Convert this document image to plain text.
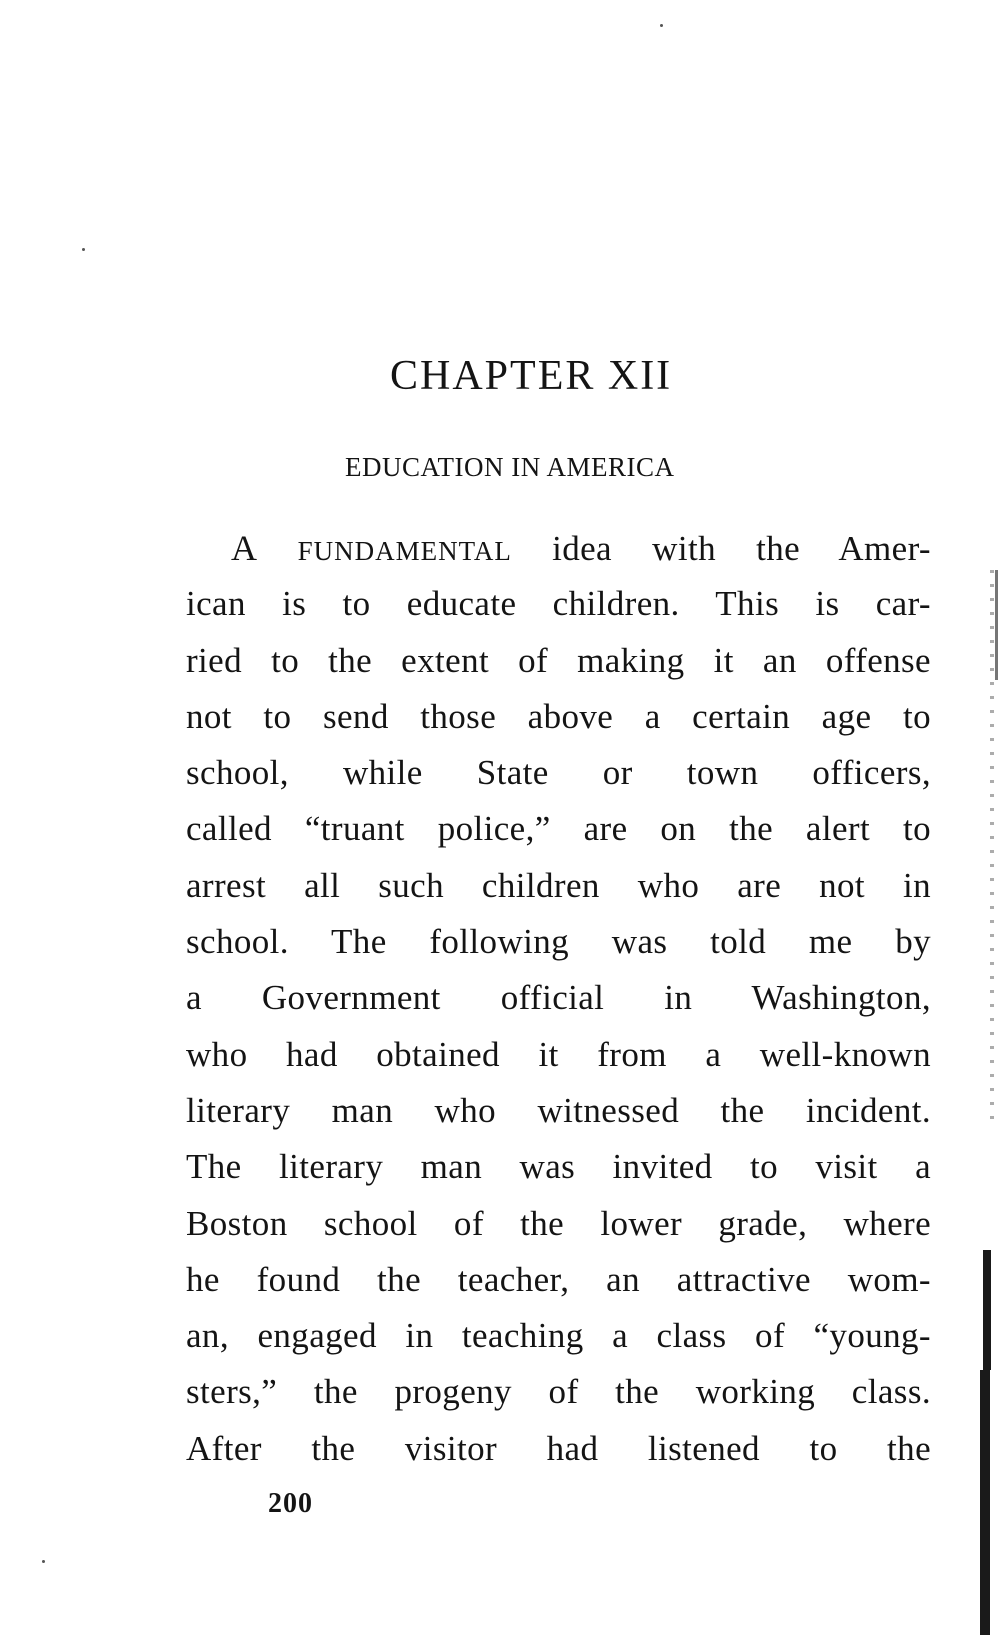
CHAPTER XII
EDUCATION IN AMERICA
A FUNDAMENTAL idea with the Amer-
ican is to educate children. This is car-
ried to the extent of making it an offense
not to send those above a certain age to
school, while State or town officers,
called “truant police,” are on the alert to
arrest all such children who are not in
school. The following was told me by
a Government official in Washington,
who had obtained it from a well-known
literary man who witnessed the incident.
The literary man was invited to visit a
Boston school of the lower grade, where
he found the teacher, an attractive wom-
an, engaged in teaching a class of “young-
sters,” the progeny of the working class.
After the visitor had listened to the
200
